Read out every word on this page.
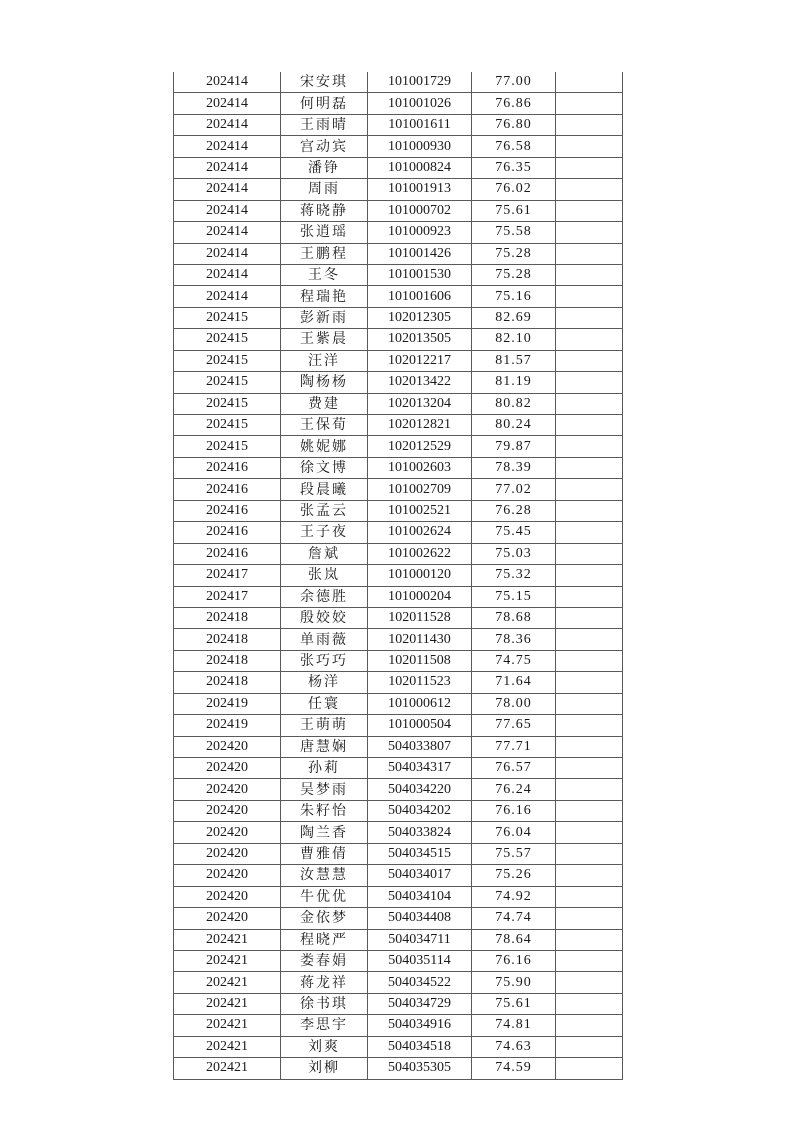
202414	宋安琪	101001729	77.00	
202414	何明磊	101001026	76.86	
202414	王雨晴	101001611	76.80	
202414	宫动宾	101000930	76.58	
202414	潘铮	101000824	76.35	
202414	周雨	101001913	76.02	
202414	蒋晓静	101000702	75.61	
202414	张逍瑶	101000923	75.58	
202414	王鹏程	101001426	75.28	
202414	王冬	101001530	75.28	
202414	程瑞艳	101001606	75.16	
202415	彭新雨	102012305	82.69	
202415	王紫晨	102013505	82.10	
202415	汪洋	102012217	81.57	
202415	陶杨杨	102013422	81.19	
202415	费建	102013204	80.82	
202415	王保荀	102012821	80.24	
202415	姚妮娜	102012529	79.87	
202416	徐文博	101002603	78.39	
202416	段晨曦	101002709	77.02	
202416	张孟云	101002521	76.28	
202416	王子夜	101002624	75.45	
202416	詹斌	101002622	75.03	
202417	张岚	101000120	75.32	
202417	余德胜	101000204	75.15	
202418	殷姣姣	102011528	78.68	
202418	单雨薇	102011430	78.36	
202418	张巧巧	102011508	74.75	
202418	杨洋	102011523	71.64	
202419	任寰	101000612	78.00	
202419	王萌萌	101000504	77.65	
202420	唐慧娴	504033807	77.71	
202420	孙莉	504034317	76.57	
202420	吴梦雨	504034220	76.24	
202420	朱籽怡	504034202	76.16	
202420	陶兰香	504033824	76.04	
202420	曹雅倩	504034515	75.57	
202420	汝慧慧	504034017	75.26	
202420	牛优优	504034104	74.92	
202420	金依梦	504034408	74.74	
202421	程晓严	504034711	78.64	
202421	娄春娟	504035114	76.16	
202421	蒋龙祥	504034522	75.90	
202421	徐书琪	504034729	75.61	
202421	李思宇	504034916	74.81	
202421	刘爽	504034518	74.63	
202421	刘柳	504035305	74.59	
